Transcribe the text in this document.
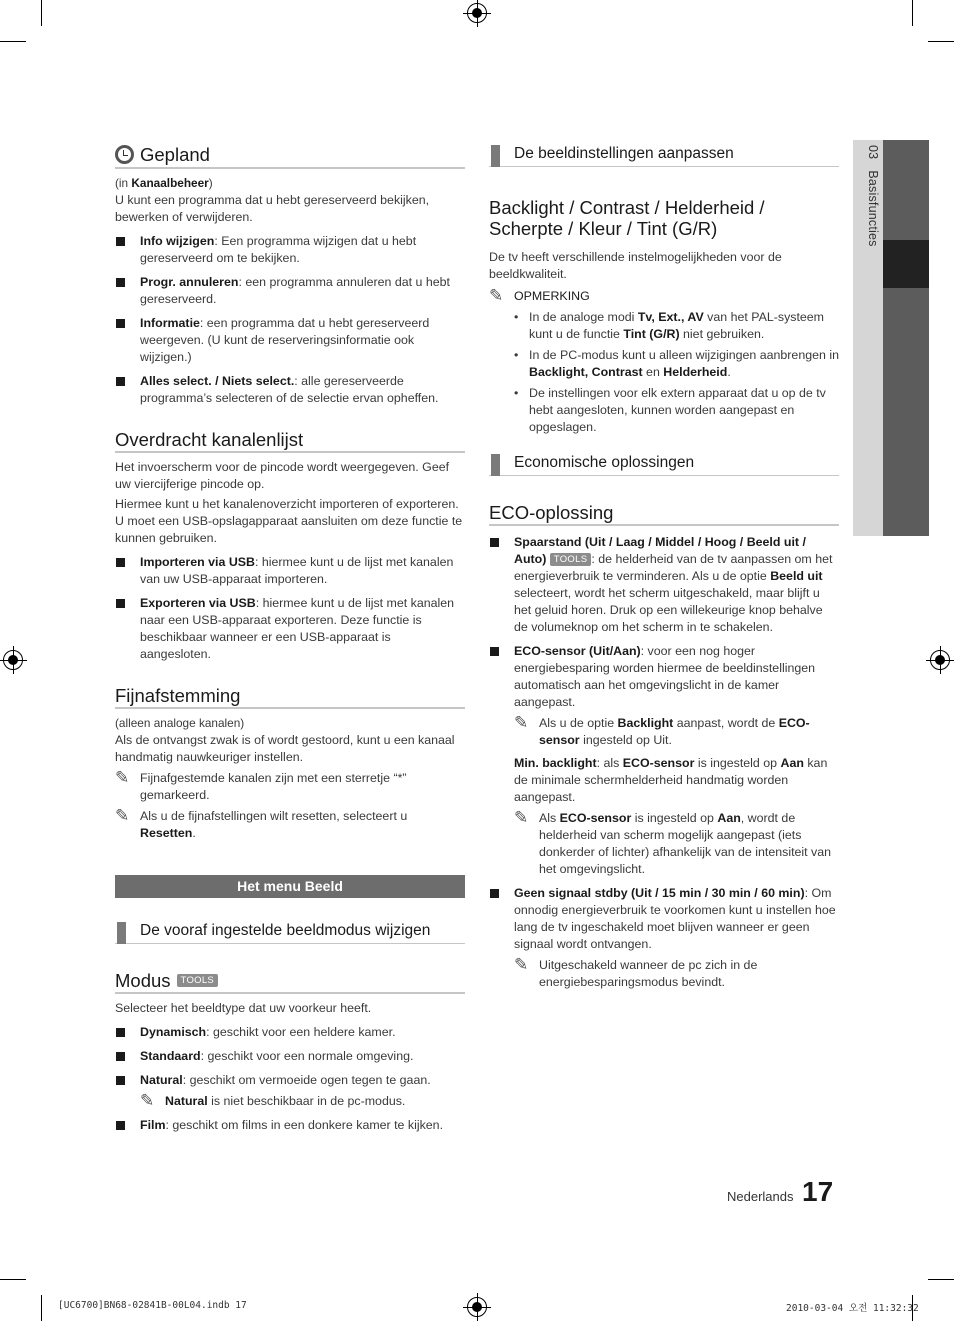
03   Basisfuncties
Gepland

(in Kanaalbeheer)

U kunt een programma dat u hebt gereserveerd bekijken, bewerken of verwijderen.

Info wijzigen: Een programma wijzigen dat u hebt gereserveerd om te bekijken.
Progr. annuleren: een programma annuleren dat u hebt gereserveerd.
Informatie: een programma dat u hebt gereserveerd weergeven. (U kunt de reserveringsinformatie ook wijzigen.)
Alles select. / Niets select.: alle gereserveerde programma’s selecteren of de selectie ervan opheffen.
Overdracht kanalenlijst

Het invoerscherm voor de pincode wordt weergegeven. Geef uw viercijferige pincode op.

Hiermee kunt u het kanalenoverzicht importeren of exporteren. U moet een USB-opslagapparaat aansluiten om deze functie te kunnen gebruiken.

Importeren via USB: hiermee kunt u de lijst met kanalen van uw USB-apparaat importeren.
Exporteren via USB: hiermee kunt u de lijst met kanalen naar een USB-apparaat exporteren. Deze functie is beschikbaar wanneer er een USB-apparaat is aangesloten.
Fijnafstemming

(alleen analoge kanalen)

Als de ontvangst zwak is of wordt gestoord, kunt u een kanaal handmatig nauwkeuriger instellen.

✎ Fijnafgestemde kanalen zijn met een sterretje “*” gemarkeerd.
✎ Als u de fijnafstellingen wilt resetten, selecteert u Resetten.
Het menu Beeld
De vooraf ingestelde beeldmodus wijzigen
Modus	TOOLS

Selecteer het beeldtype dat uw voorkeur heeft.

Dynamisch: geschikt voor een heldere kamer.
Standaard: geschikt voor een normale omgeving.
Natural: geschikt om vermoeide ogen tegen te gaan.
✎ Natural is niet beschikbaar in de pc-modus.
Film: geschikt om films in een donkere kamer te kijken.
De beeldinstellingen aanpassen
Backlight / Contrast / Helderheid / Scherpte / Kleur / Tint (G/R)

De tv heeft verschillende instelmogelijkheden voor de beeldkwaliteit.

✎ OPMERKING
• In de analoge modi Tv, Ext., AV van het PAL-systeem kunt u de functie Tint (G/R) niet gebruiken.
• In de PC-modus kunt u alleen wijzigingen aanbrengen in Backlight, Contrast en Helderheid.
• De instellingen voor elk extern apparaat dat u op de tv hebt aangesloten, kunnen worden aangepast en opgeslagen.
Economische oplossingen
ECO-oplossing
Spaarstand (Uit / Laag / Middel / Hoog / Beeld uit / Auto) TOOLS : de helderheid van de tv aanpassen om het energieverbruik te verminderen. Als u de optie Beeld uit selecteert, wordt het scherm uitgeschakeld, maar blijft u het geluid horen. Druk op een willekeurige knop behalve de volumeknop om het scherm in te schakelen.
ECO-sensor (Uit/Aan): voor een nog hoger energiebesparing worden hiermee de beeldinstellingen automatisch aan het omgevingslicht in de kamer aangepast.
✎ Als u de optie Backlight aanpast, wordt de ECO-sensor ingesteld op Uit.
Min. backlight: als ECO-sensor is ingesteld op Aan kan de minimale schermhelderheid handmatig worden aangepast.
✎ Als ECO-sensor is ingesteld op Aan, wordt de helderheid van scherm mogelijk aangepast (iets donkerder of lichter) afhankelijk van de intensiteit van het omgevingslicht.
Geen signaal stdby (Uit / 15 min / 30 min / 60 min): Om onnodig energieverbruik te voorkomen kunt u instellen hoe lang de tv ingeschakeld moet blijven wanneer er geen signaal wordt ontvangen.
✎ Uitgeschakeld wanneer de pc zich in de energiebesparingsmodus bevindt.
Nederlands 17
[UC6700]BN68-02841B-00L04.indb 17	2010-03-04 오전 11:32:32
